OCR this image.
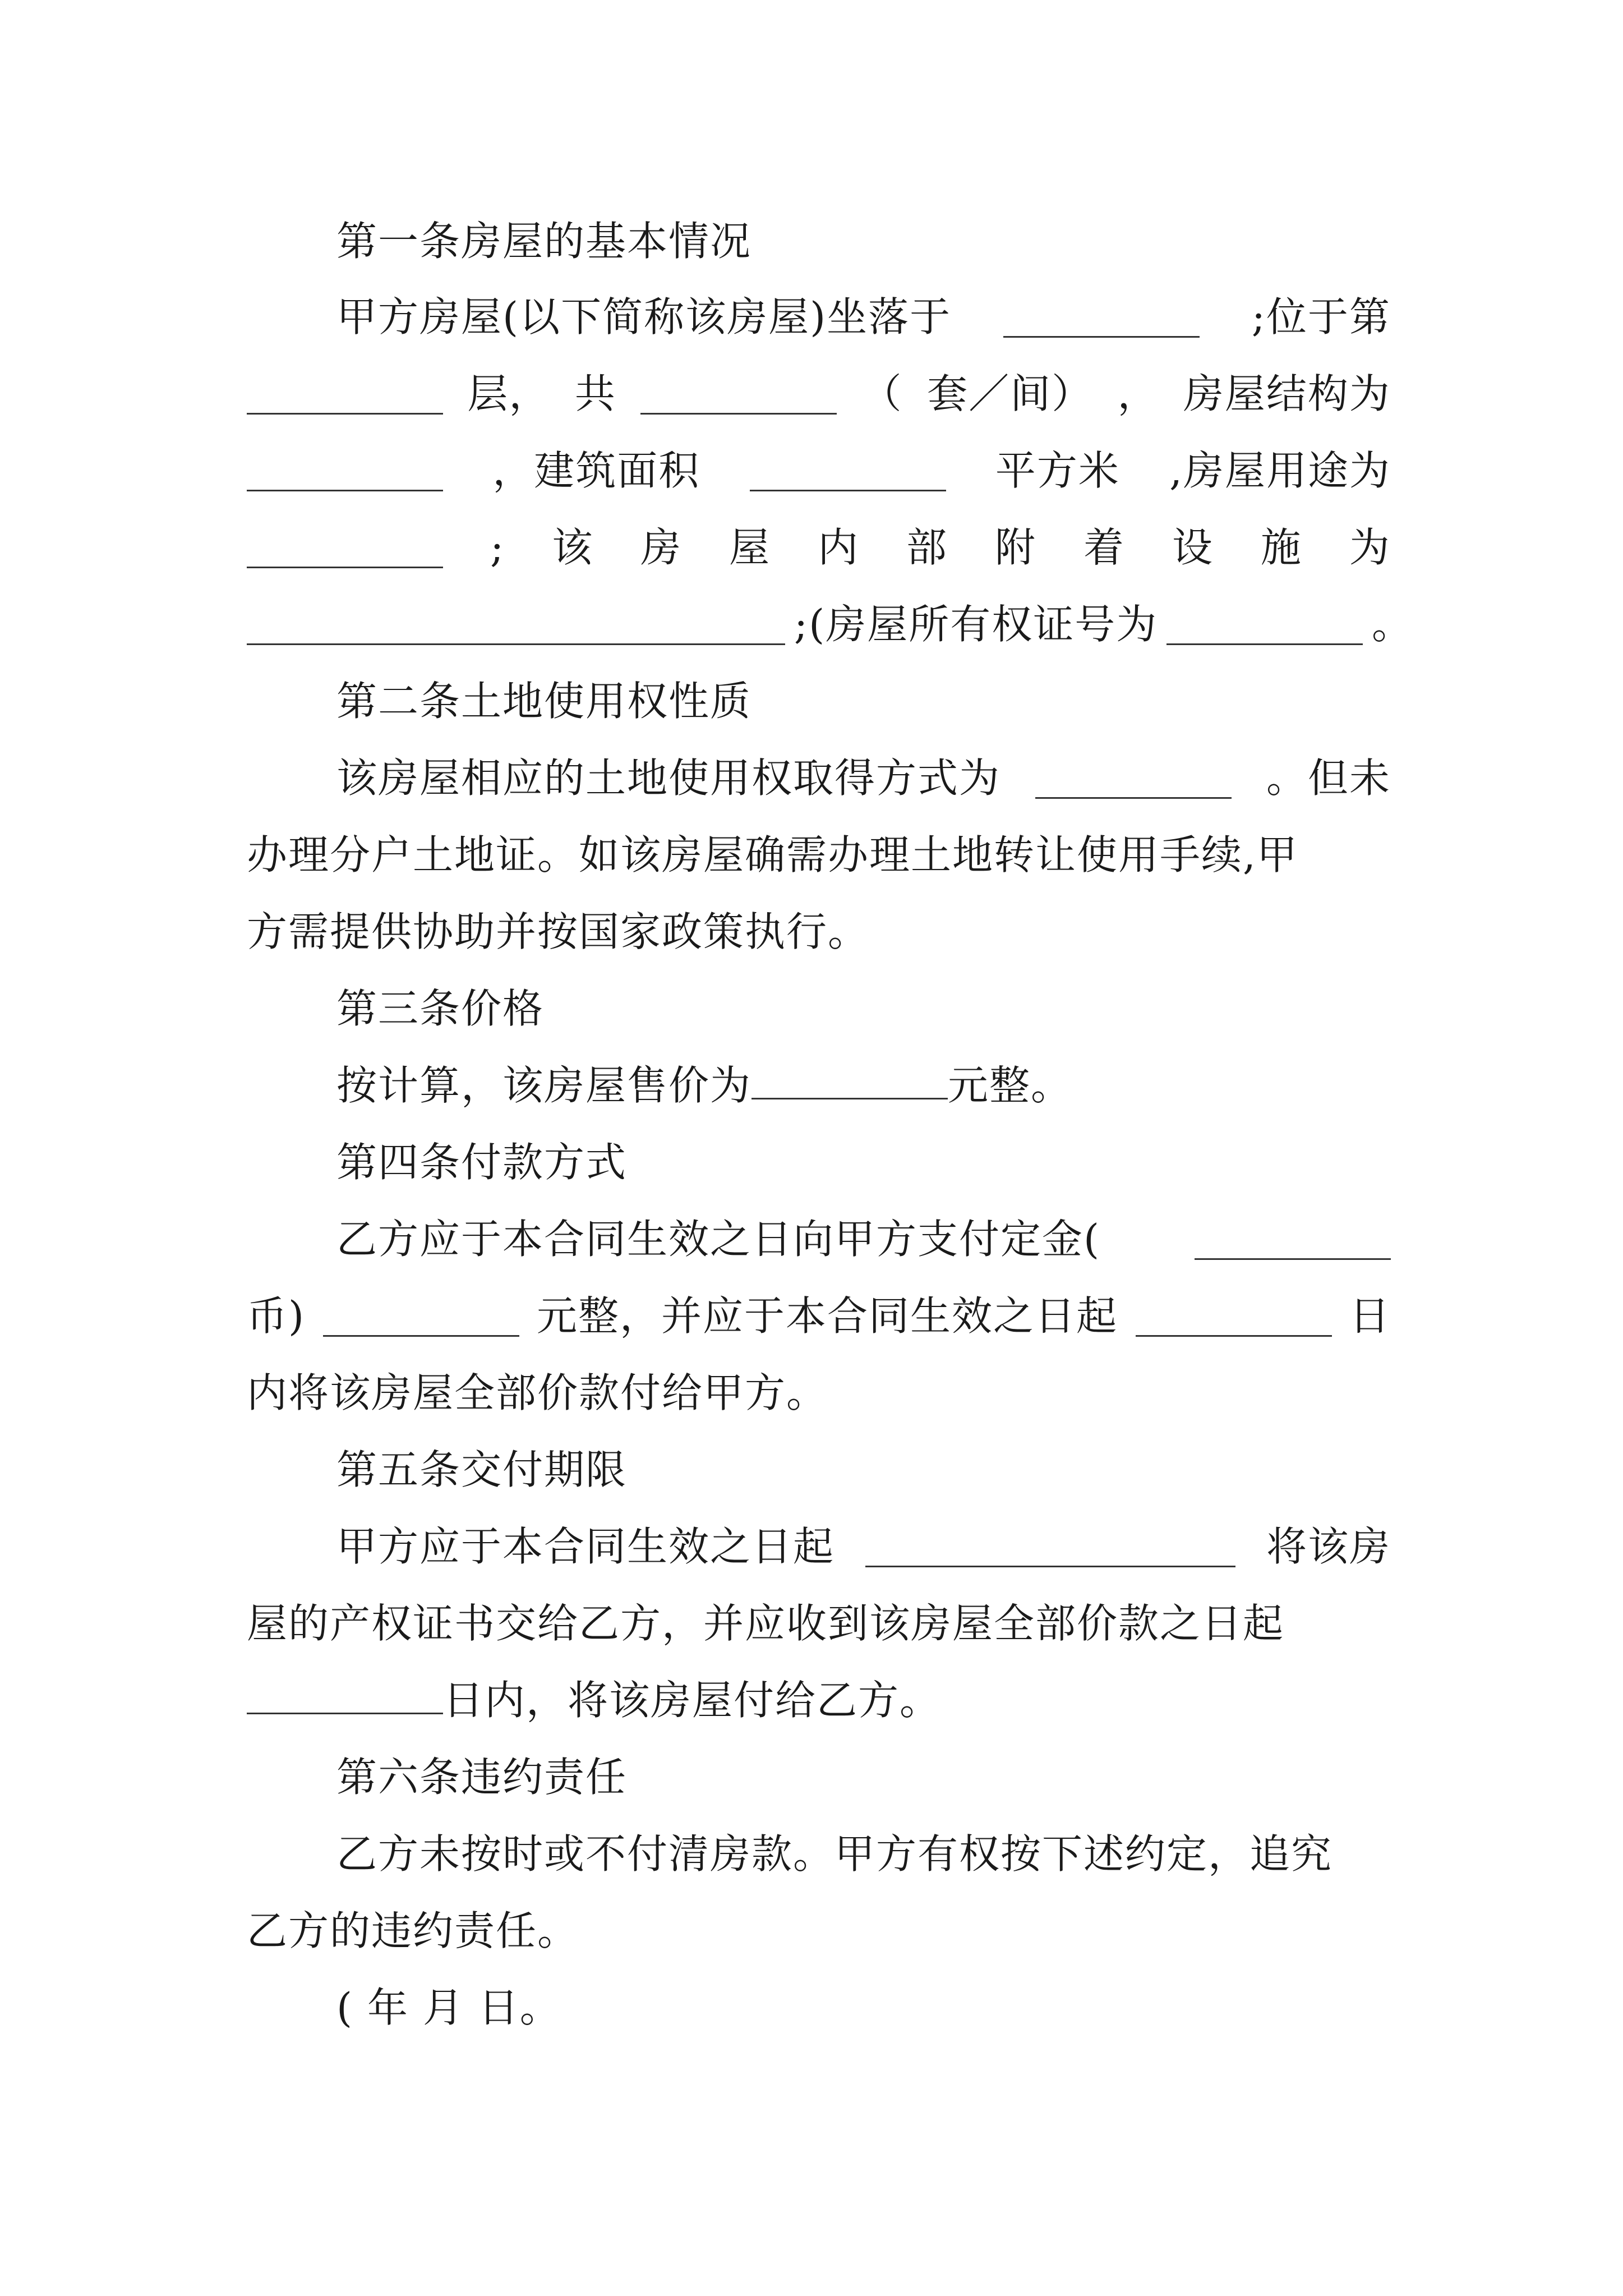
第一条房屋的基本情况
甲方房屋(以下简称该房屋)坐落于	;位于第
层， 共	（ 套／间） ， 房屋结构为
，建筑面积	平方米 ,房屋用途为
; 该 房 屋 内 部 附 着 设 施 为
;(房屋所有权证号为	。
第二条土地使用权性质
该房屋相应的土地使用权取得方式为	。但未
办理分户土地证。如该房屋确需办理土地转让使用手续,甲
方需提供协助并按国家政策执行。
第三条价格
按计算，该房屋售价为	元整。
第四条付款方式
乙方应于本合同生效之日向甲方支付定金(
币)	元整，并应于本合同生效之日起	日
内将该房屋全部价款付给甲方。
第五条交付期限
甲方应于本合同生效之日起	将该房
屋的产权证书交给乙方，并应收到该房屋全部价款之日起
日内，将该房屋付给乙方。
第六条违约责任
乙方未按时或不付清房款。甲方有权按下述约定，追究
乙方的违约责任。
( 年 月 日。
